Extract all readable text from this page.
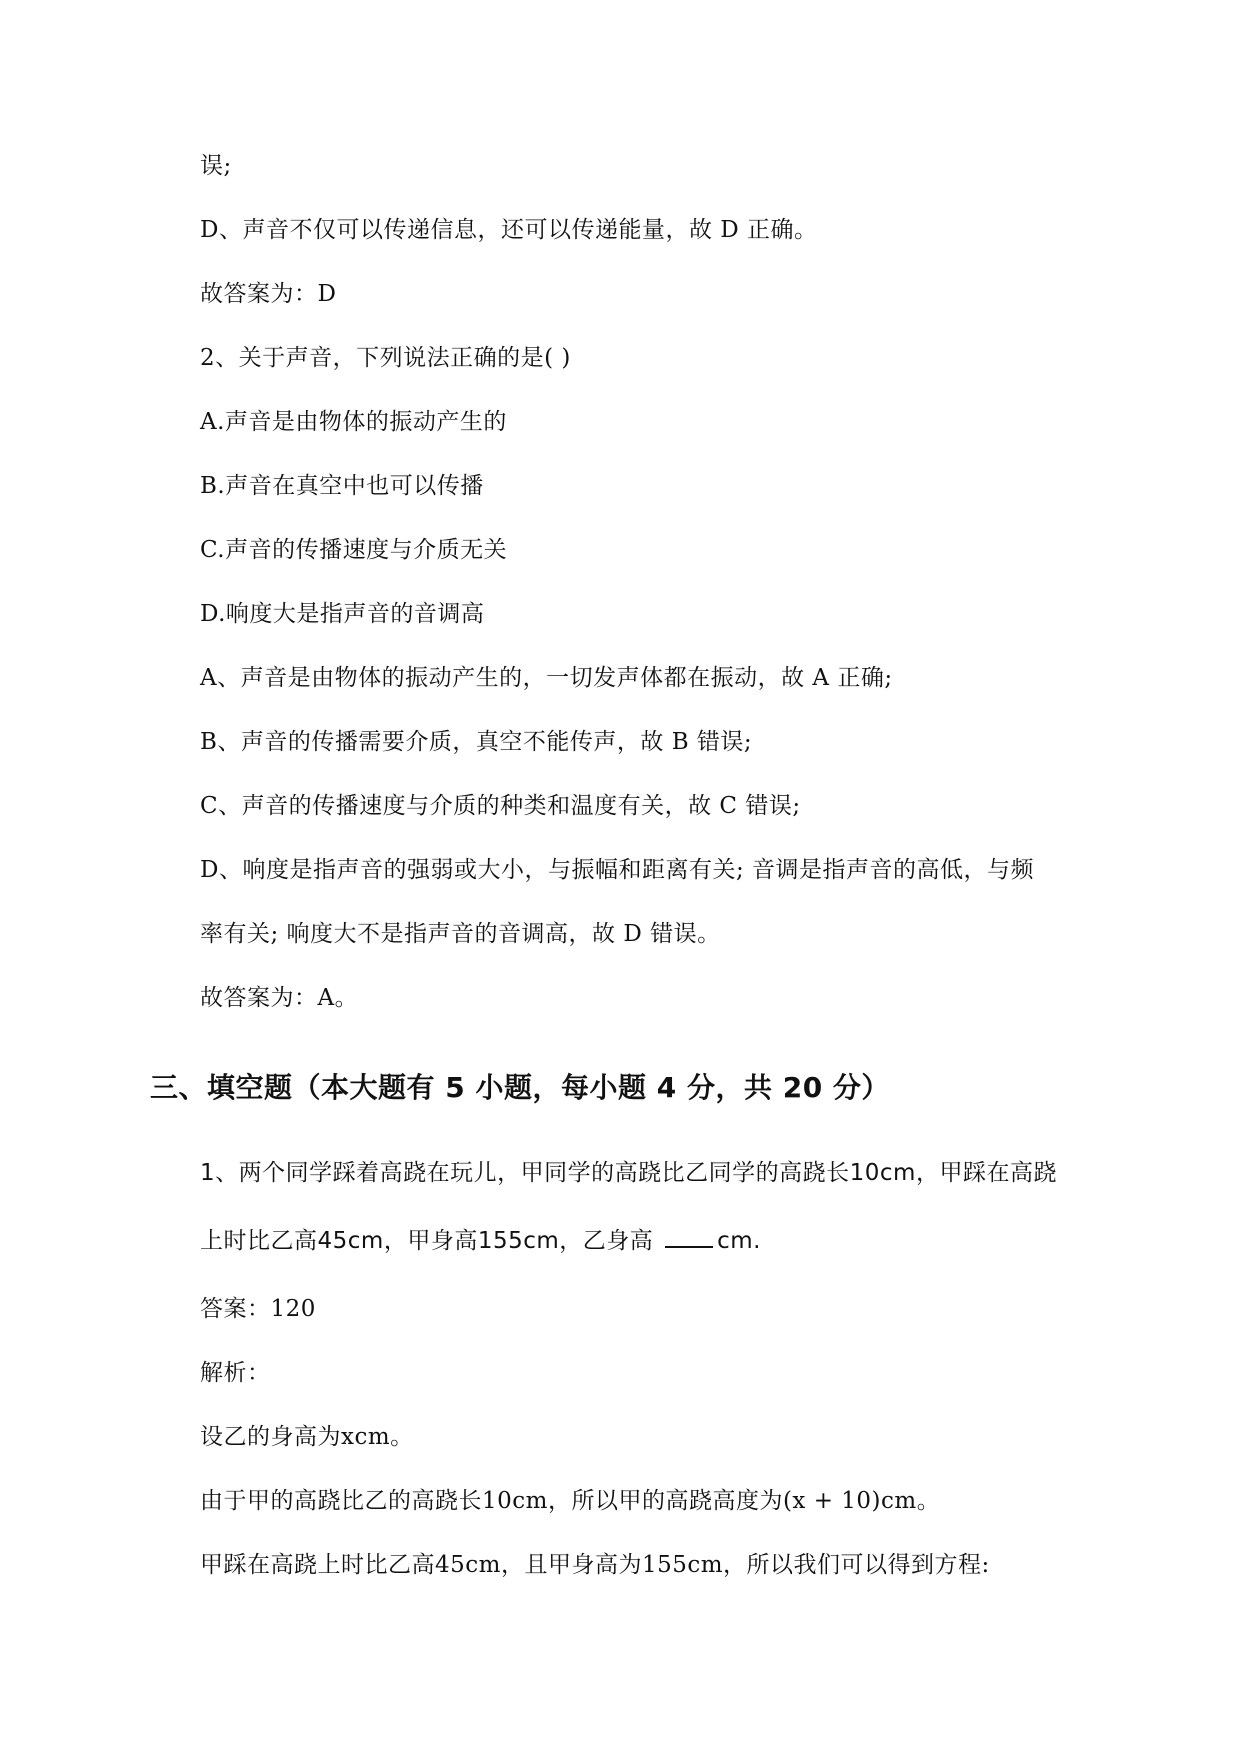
误;
D、声音不仅可以传递信息，还可以传递能量，故 D 正确。
故答案为：D
2、关于声音，下列说法正确的是( )
A.声音是由物体的振动产生的
B.声音在真空中也可以传播
C.声音的传播速度与介质无关
D.响度大是指声音的音调高
A、声音是由物体的振动产生的，一切发声体都在振动，故 A 正确;
B、声音的传播需要介质，真空不能传声，故 B 错误;
C、声音的传播速度与介质的种类和温度有关，故 C 错误;
D、响度是指声音的强弱或大小，与振幅和距离有关; 音调是指声音的高低，与频
率有关; 响度大不是指声音的音调高，故 D 错误。
故答案为：A。
三、填空题（本大题有 5 小题，每小题 4 分，共 20 分）
1、两个同学踩着高跷在玩儿，甲同学的高跷比乙同学的高跷长10cm，甲踩在高跷
上时比乙高45cm，甲身高155cm，乙身高 cm.
答案：120
解析：
设乙的身高为xcm。
由于甲的高跷比乙的高跷长10cm，所以甲的高跷高度为(x + 10)cm。
甲踩在高跷上时比乙高45cm，且甲身高为155cm，所以我们可以得到方程:
